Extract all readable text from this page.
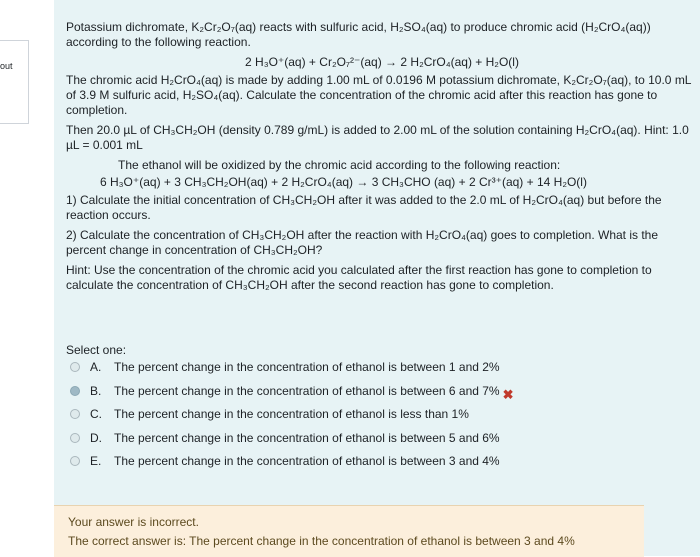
out

Potassium dichromate, K₂Cr₂O₇(aq) reacts with sulfuric acid, H₂SO₄(aq) to produce chromic acid (H₂CrO₄(aq)) according to the following reaction.

2 H₃O⁺(aq) + Cr₂O₇²⁻(aq) → 2 H₂CrO₄(aq) + H₂O(l)

The chromic acid H₂CrO₄(aq) is made by adding 1.00 mL of 0.0196 M potassium dichromate, K₂Cr₂O₇(aq), to 10.0 mL of 3.9 M sulfuric acid, H₂SO₄(aq). Calculate the concentration of the chromic acid after this reaction has gone to completion.

Then 20.0 µL of CH₃CH₂OH (density 0.789 g/mL) is added to 2.00 mL of the solution containing H₂CrO₄(aq). Hint: 1.0 µL = 0.001 mL

The ethanol will be oxidized by the chromic acid according to the following reaction:

6 H₃O⁺(aq) + 3 CH₃CH₂OH(aq) + 2 H₂CrO₄(aq) → 3 CH₃CHO (aq) + 2 Cr³⁺(aq) + 14 H₂O(l)

1) Calculate the initial concentration of CH₃CH₂OH after it was added to the 2.0 mL of H₂CrO₄(aq) but before the reaction occurs.

2) Calculate the concentration of CH₃CH₂OH after the reaction with H₂CrO₄(aq) goes to completion. What is the percent change in concentration of CH₃CH₂OH?

Hint: Use the concentration of the chromic acid you calculated after the first reaction has gone to completion to calculate the concentration of CH₃CH₂OH after the second reaction has gone to completion.

Select one:
A.	The percent change in the concentration of ethanol is between 1 and 2%
B.	The percent change in the concentration of ethanol is between 6 and 7% ✖
C.	The percent change in the concentration of ethanol is less than 1%
D.	The percent change in the concentration of ethanol is between 5 and 6%
E.	The percent change in the concentration of ethanol is between 3 and 4%
Your answer is incorrect.
The correct answer is: The percent change in the concentration of ethanol is between 3 and 4%
